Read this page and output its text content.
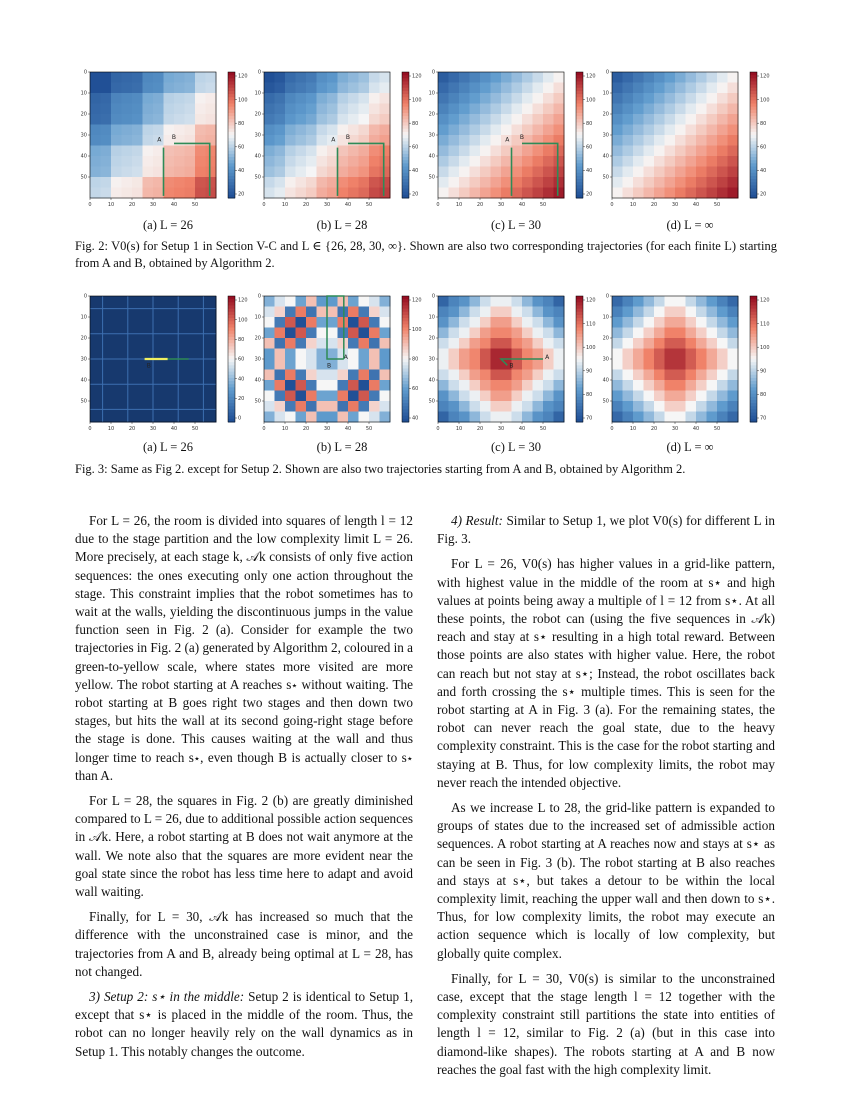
0	10	20	30	40	50
0
10
20
30
40
50
20
40
60
80
100
120
A B
0	10	20	30	40	50
0
10
20
30
40
50
20
40
60
80
100
120
A B
0	10	20	30	40	50
0
10
20
30
40
50
20
40
60
80
100
120
A B
0	10	20	30	40	50
0
10
20
30
40
50
20
40
60
80
100
120
(a) L = 26	(b) L = 28	(c) L = 30	(d) L = ∞
Fig. 2: V0(s) for Setup 1 in Section V-C and L ∈ {26, 28, 30, ∞}. Shown are also two corresponding trajectories (for each finite L) starting from A and B, obtained by Algorithm 2.
0	10	20	30	40	50
0
10
20
30
40
50
0
20
40
60
80
100
120
B
0	10	20	30	40	50
0
10
20
30
40
50
40
60
80
100
120
A
B
0	10	20	30	40	50
0
10
20
30
40
50
70
80
90
100
110
120
A
B
0	10	20	30	40	50
0
10
20
30
40
50
70
80
90
100
110
120
(a) L = 26	(b) L = 28	(c) L = 30	(d) L = ∞
Fig. 3: Same as Fig 2. except for Setup 2. Shown are also two trajectories starting from A and B, obtained by Algorithm 2.

For L = 26, the room is divided into squares of length l = 12 due to the stage partition and the low complexity limit L = 26. More precisely, at each stage k, 𝒜k consists of only five action sequences: the ones executing only one action throughout the stage. This constraint implies that the robot sometimes has to wait at the walls, yielding the discontinuous jumps in the value function seen in Fig. 2 (a). Consider for example the two trajectories in Fig. 2 (a) generated by Algorithm 2, coloured in a green-to-yellow scale, where states more visited are more yellow. The robot starting at A reaches s⋆ without waiting. The robot starting at B goes right two stages and then down two stages, but hits the wall at its second going-right stage before the stage is done. This causes waiting at the wall and thus longer time to reach s⋆, even though B is actually closer to s⋆ than A.

For L = 28, the squares in Fig. 2 (b) are greatly diminished compared to L = 26, due to additional possible action sequences in 𝒜k. Here, a robot starting at B does not wait anymore at the wall. We note also that the squares are more evident near the goal state since the robot has less time here to adapt and avoid wall waiting.

Finally, for L = 30, 𝒜k has increased so much that the difference with the unconstrained case is minor, and the trajectories from A and B, already being optimal at L = 28, has not changed.

3) Setup 2: s⋆ in the middle: Setup 2 is identical to Setup 1, except that s⋆ is placed in the middle of the room. Thus, the robot can no longer heavily rely on the wall dynamics as in Setup 1. This notably changes the outcome.

4) Result: Similar to Setup 1, we plot V0(s) for different L in Fig. 3.

For L = 26, V0(s) has higher values in a grid-like pattern, with highest value in the middle of the room at s⋆ and high values at points being away a multiple of l = 12 from s⋆. At all these points, the robot can (using the five sequences in 𝒜k) reach and stay at s⋆ resulting in a high total reward. Between those points are also states with higher value. Here, the robot can reach but not stay at s⋆; Instead, the robot oscillates back and forth crossing the s⋆ multiple times. This is seen for the robot starting at A in Fig. 3 (a). For the remaining states, the robot can never reach the goal state, due to the heavy complexity constraint. This is the case for the robot starting and staying at B. Thus, for low complexity limits, the robot may never reach the intended objective.

As we increase L to 28, the grid-like pattern is expanded to groups of states due to the increased set of admissible action sequences. A robot starting at A reaches now and stays at s⋆ as can be seen in Fig. 3 (b). The robot starting at B also reaches and stays at s⋆, but takes a detour to be within the local complexity limit, reaching the upper wall and then down to s⋆. Thus, for low complexity limits, the robot may execute an action sequence which is locally of low complexity, but globally quite complex.

Finally, for L = 30, V0(s) is similar to the unconstrained case, except that the stage length l = 12 together with the complexity constraint still partitions the state into entities of length l = 12, similar to Fig. 2 (a) (but in this case into diamond-like shapes). The robots starting at A and B now reaches the goal fast with the high complexity limit.
